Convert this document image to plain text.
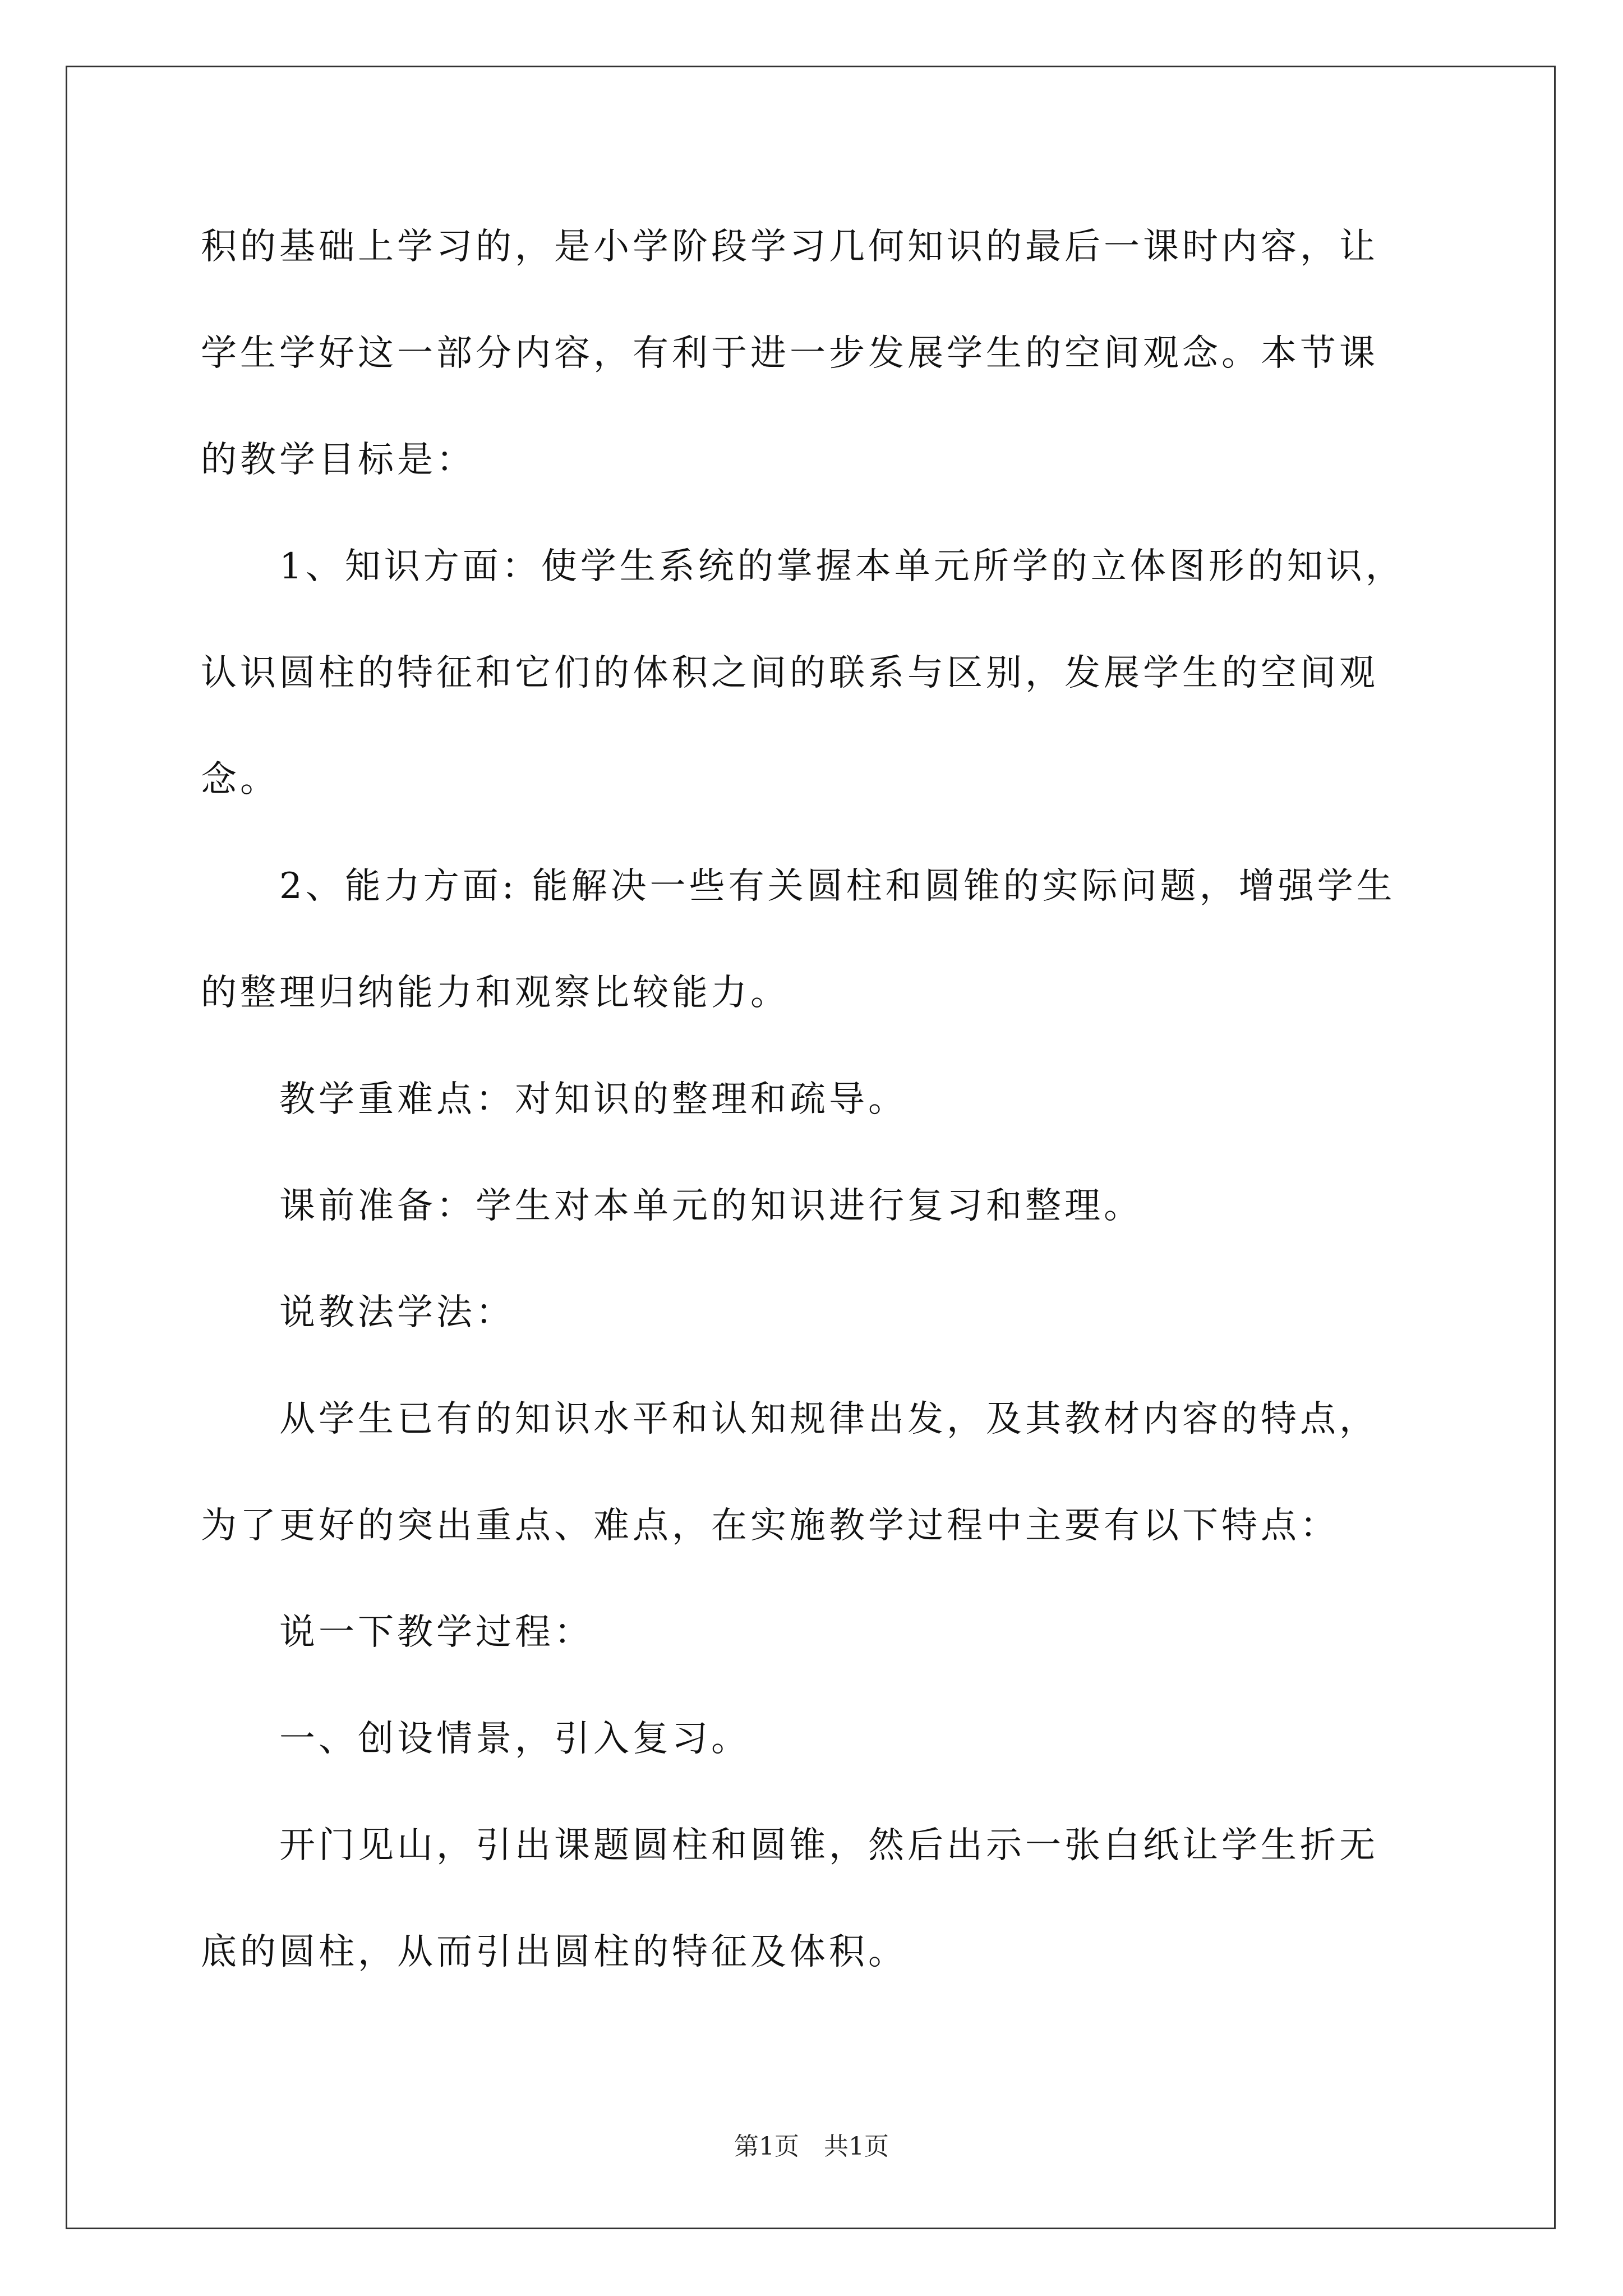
积的基础上学习的，是小学阶段学习几何知识的最后一课时内容，让
学生学好这一部分内容，有利于进一步发展学生的空间观念。本节课
的教学目标是：
1、知识方面：使学生系统的掌握本单元所学的立体图形的知识，
认识圆柱的特征和它们的体积之间的联系与区别，发展学生的空间观
念。
2、能力方面: 能解决一些有关圆柱和圆锥的实际问题，增强学生
的整理归纳能力和观察比较能力。
教学重难点：对知识的整理和疏导。
课前准备：学生对本单元的知识进行复习和整理。
说教法学法：
从学生已有的知识水平和认知规律出发，及其教材内容的特点，
为了更好的突出重点、难点，在实施教学过程中主要有以下特点：
说一下教学过程：
一、创设情景，引入复习。
开门见山，引出课题圆柱和圆锥，然后出示一张白纸让学生折无
底的圆柱，从而引出圆柱的特征及体积。
第1页　共1页
